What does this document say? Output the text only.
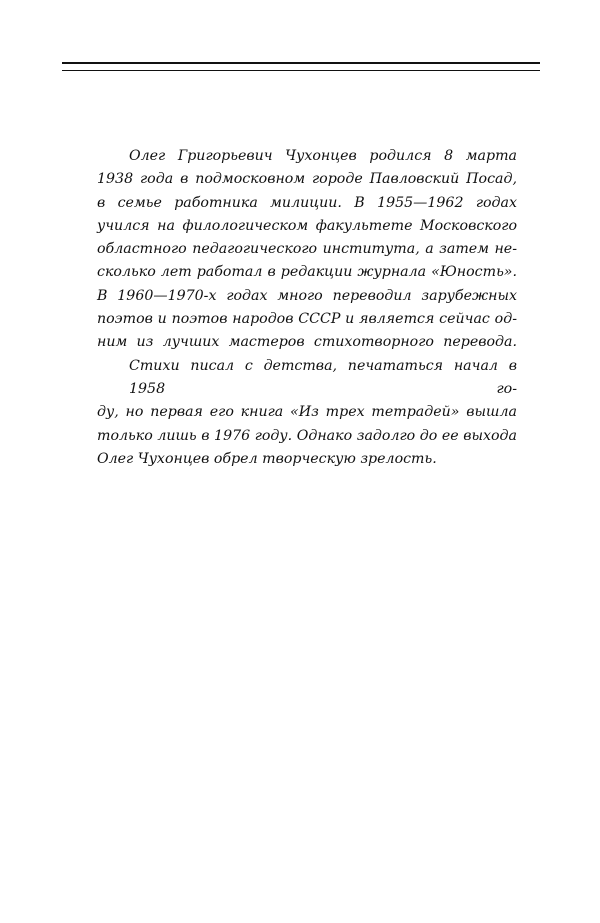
Олег Григорьевич Чухонцев родился 8 марта
1938 года в подмосковном городе Павловский Посад,
в семье работника милиции. В 1955—1962 годах
учился на филологическом факультете Московского
областного педагогического института, а затем не-
сколько лет работал в редакции журнала «Юность».
В 1960—1970-х годах много переводил зарубежных
поэтов и поэтов народов СССР и является сейчас од-
ним из лучших мастеров стихотворного перевода.
Стихи писал с детства, печататься начал в 1958 го-
ду, но первая его книга «Из трех тетрадей» вышла
только лишь в 1976 году. Однако задолго до ее выхода
Олег Чухонцев обрел творческую зрелость.
